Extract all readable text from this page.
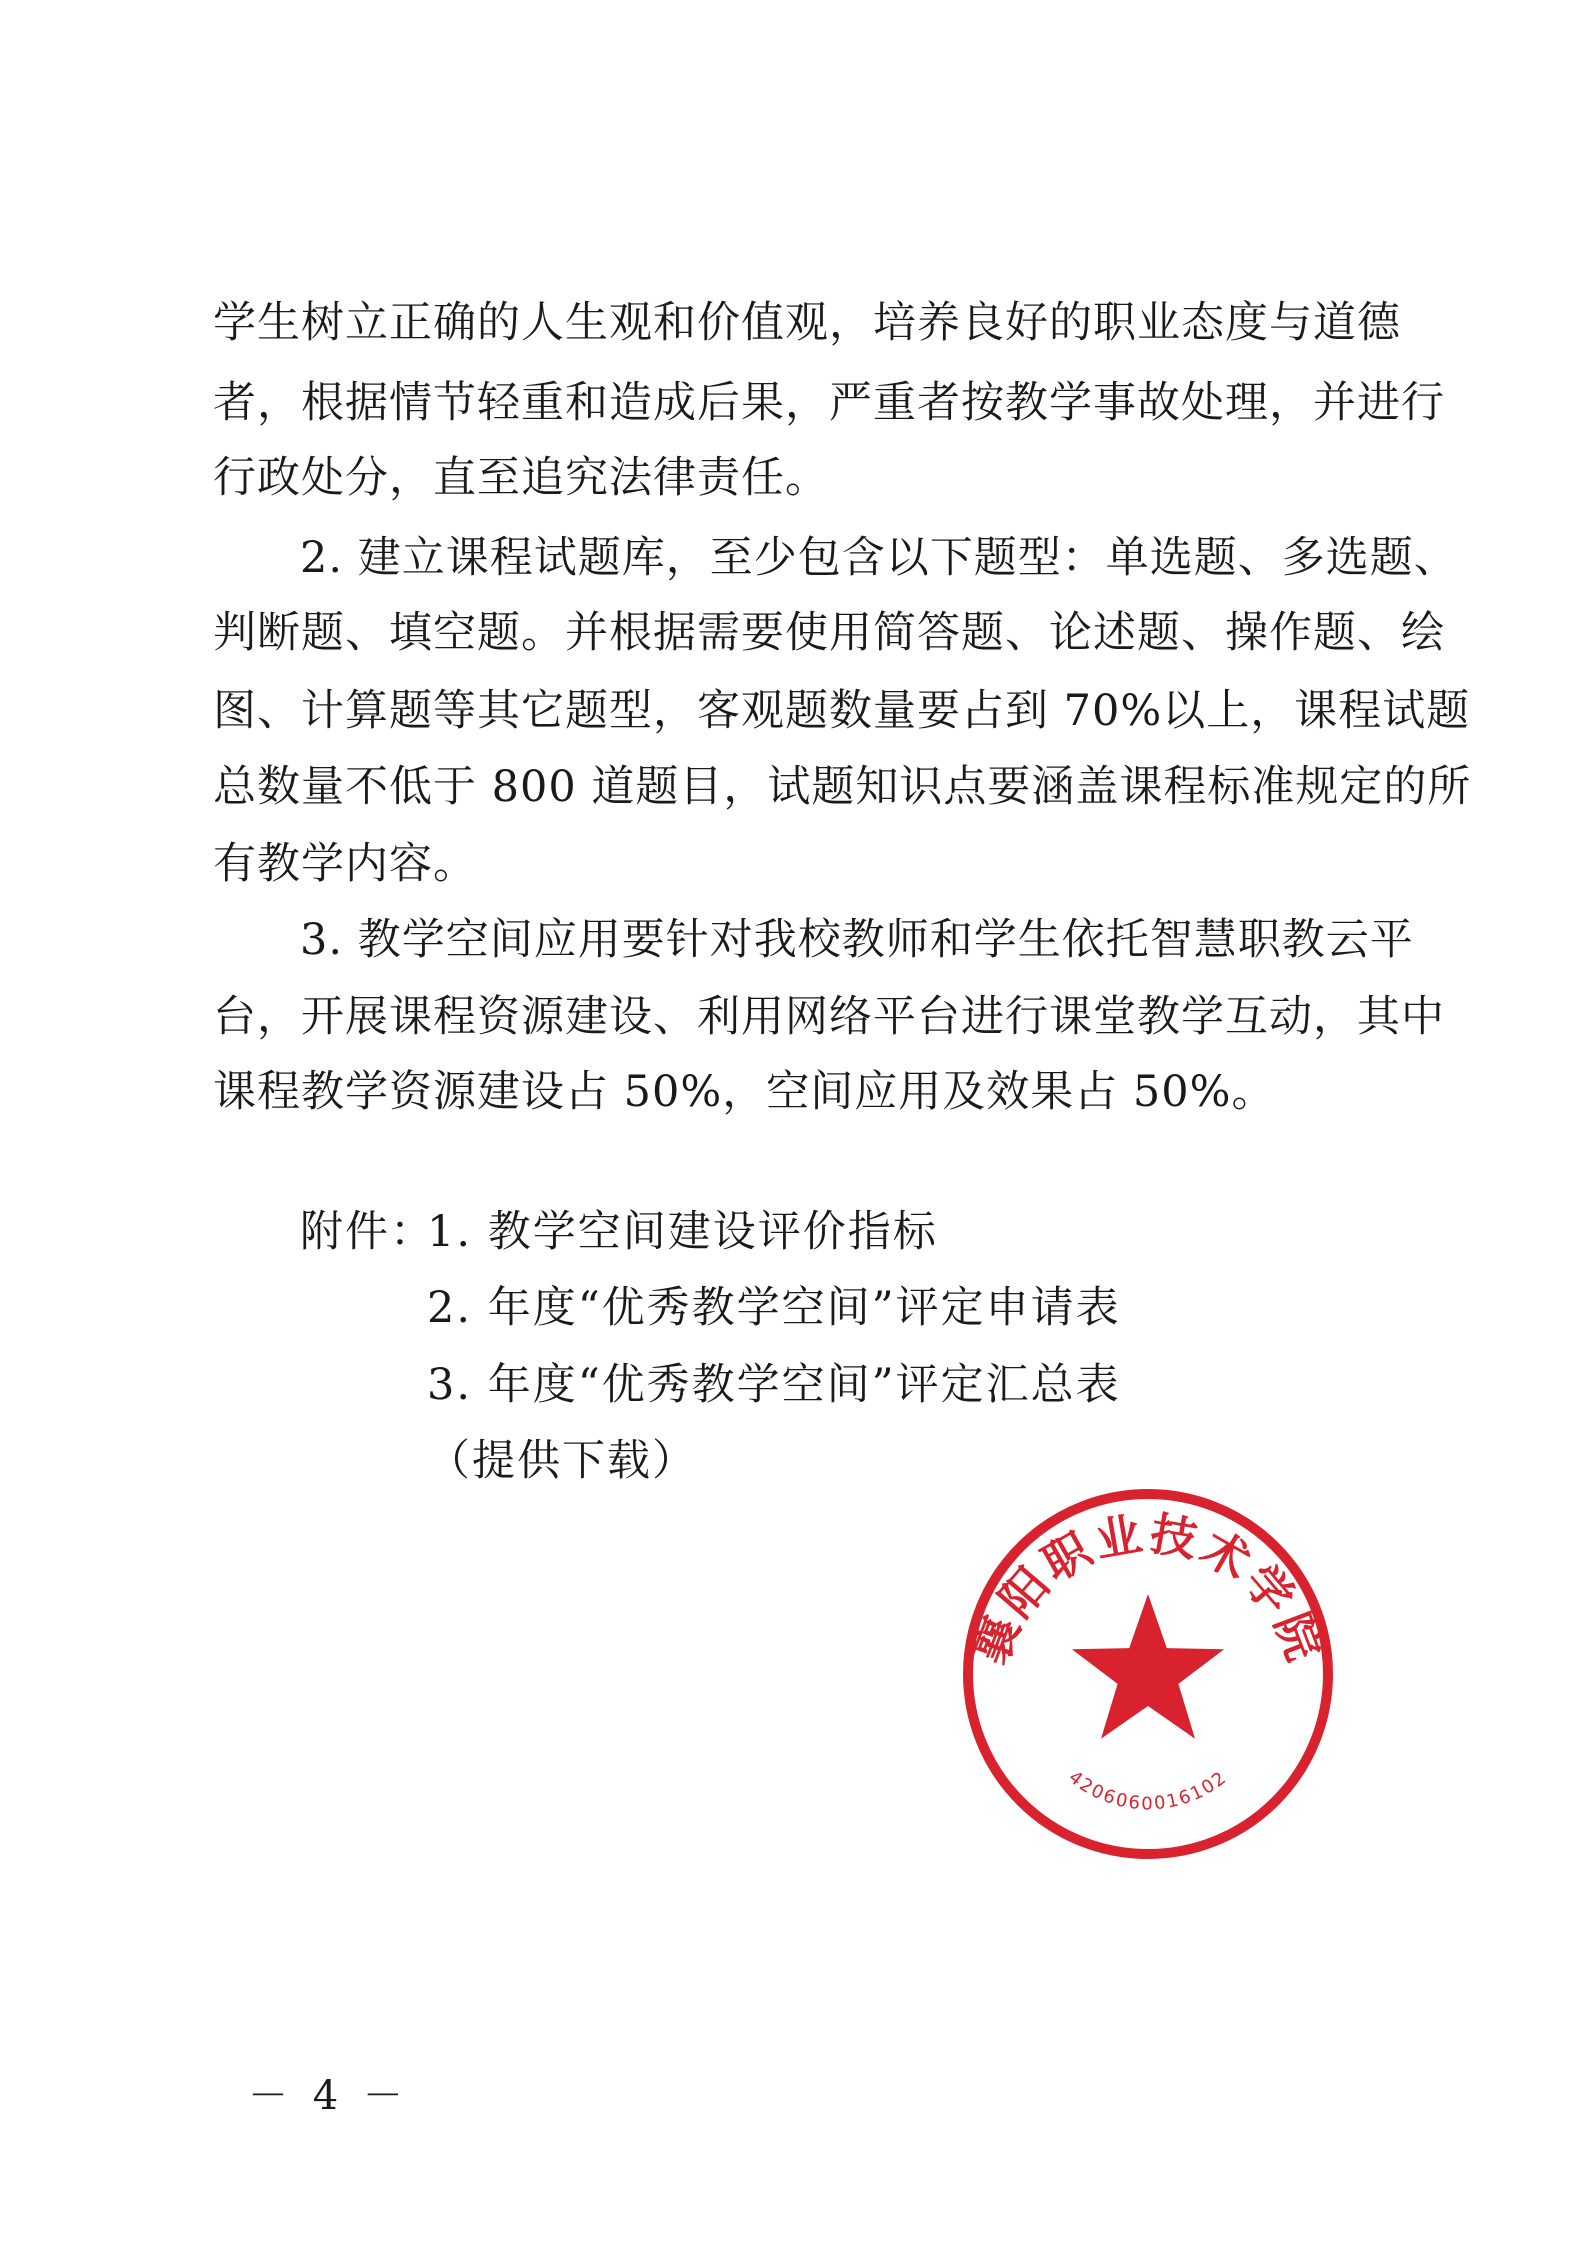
学生树立正确的人生观和价值观，培养良好的职业态度与道德
者，根据情节轻重和造成后果，严重者按教学事故处理，并进行
行政处分，直至追究法律责任。
2. 建立课程试题库，至少包含以下题型：单选题、多选题、
判断题、填空题。并根据需要使用简答题、论述题、操作题、绘
图、计算题等其它题型，客观题数量要占到 70%以上，课程试题
总数量不低于 800 道题目，试题知识点要涵盖课程标准规定的所
有教学内容。
3. 教学空间应用要针对我校教师和学生依托智慧职教云平
台，开展课程资源建设、利用网络平台进行课堂教学互动，其中
课程教学资源建设占 50%，空间应用及效果占 50%。
附件：
1. 教学空间建设评价指标
2. 年度“优秀教学空间”评定申请表
3. 年度“优秀教学空间”评定汇总表
（提供下载）
襄阳职业技术学院
4206060016102
－ 4 －
